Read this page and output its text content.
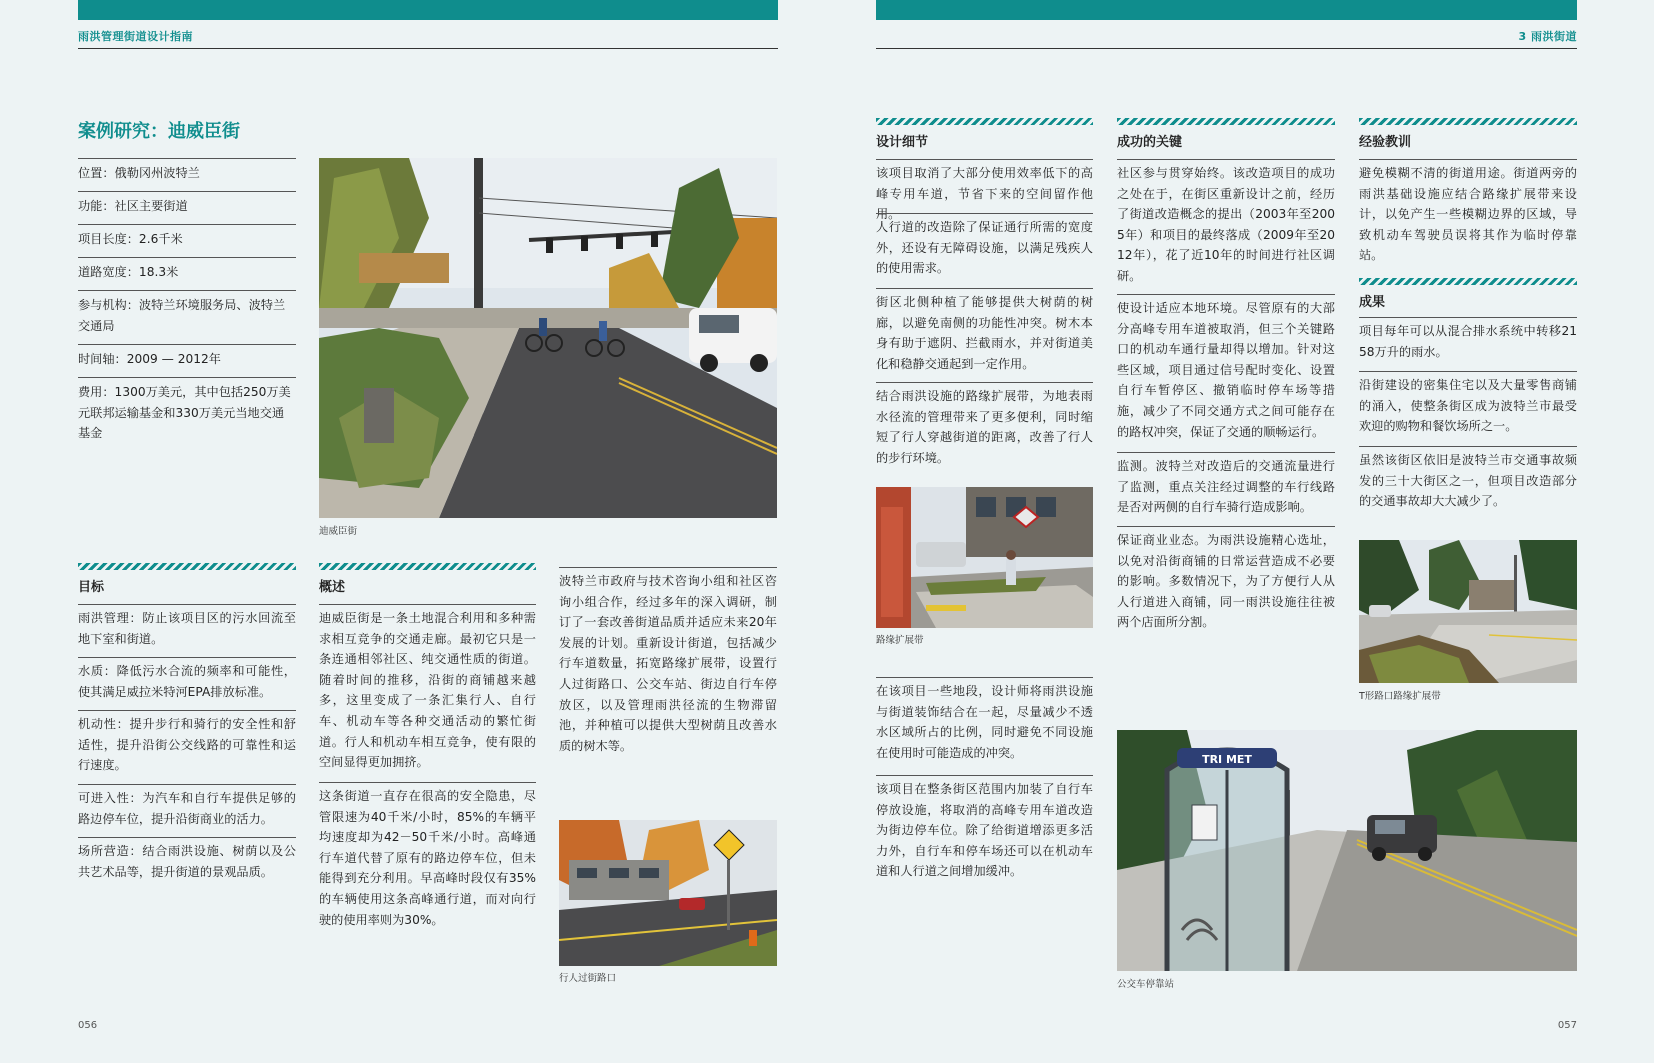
雨洪管理街道设计指南	3 雨洪街道
案例研究：迪威臣街
位置：俄勒冈州波特兰
功能：社区主要街道
项目长度：2.6千米
道路宽度：18.3米
参与机构：波特兰环境服务局、波特兰交通局
时间轴：2009 — 2012年
费用：1300万美元，其中包括250万美元联邦运输基金和330万美元当地交通基金
迪威臣街
目标

雨洪管理：防止该项目区的污水回流至地下室和街道。

水质：降低污水合流的频率和可能性，使其满足威拉米特河EPA排放标准。

机动性：提升步行和骑行的安全性和舒适性，提升沿街公交线路的可靠性和运行速度。

可进入性：为汽车和自行车提供足够的路边停车位，提升沿街商业的活力。

场所营造：结合雨洪设施、树荫以及公共艺术品等，提升街道的景观品质。

概述

迪威臣街是一条土地混合利用和多种需求相互竞争的交通走廊。最初它只是一条连通相邻社区、纯交通性质的街道。随着时间的推移，沿街的商铺越来越多，这里变成了一条汇集行人、自行车、机动车等各种交通活动的繁忙街道。行人和机动车相互竞争，使有限的空间显得更加拥挤。

这条街道一直存在很高的安全隐患，尽管限速为40千米/小时，85%的车辆平均速度却为42－50千米/小时。高峰通行车道代替了原有的路边停车位，但未能得到充分利用。早高峰时段仅有35%的车辆使用这条高峰通行道，而对向行驶的使用率则为30%。

波特兰市政府与技术咨询小组和社区咨询小组合作，经过多年的深入调研，制订了一套改善街道品质并适应未来20年发展的计划。重新设计街道，包括减少行车道数量，拓宽路缘扩展带，设置行人过街路口、公交车站、街边自行车停放区，以及管理雨洪径流的生物滞留池，并种植可以提供大型树荫且改善水质的树木等。

行人过街路口
设计细节

该项目取消了大部分使用效率低下的高峰专用车道，节省下来的空间留作他用。

人行道的改造除了保证通行所需的宽度外，还设有无障碍设施，以满足残疾人的使用需求。

街区北侧种植了能够提供大树荫的树廊，以避免南侧的功能性冲突。树木本身有助于遮阴、拦截雨水，并对街道美化和稳静交通起到一定作用。

结合雨洪设施的路缘扩展带，为地表雨水径流的管理带来了更多便利，同时缩短了行人穿越街道的距离，改善了行人的步行环境。

路缘扩展带

在该项目一些地段，设计师将雨洪设施与街道装饰结合在一起，尽量减少不透水区域所占的比例，同时避免不同设施在使用时可能造成的冲突。

该项目在整条街区范围内加装了自行车停放设施，将取消的高峰专用车道改造为街边停车位。除了给街道增添更多活力外，自行车和停车场还可以在机动车道和人行道之间增加缓冲。

成功的关键

社区参与贯穿始终。该改造项目的成功之处在于，在街区重新设计之前，经历了街道改造概念的提出（2003年至2005年）和项目的最终落成（2009年至2012年），花了近10年的时间进行社区调研。

使设计适应本地环境。尽管原有的大部分高峰专用车道被取消，但三个关键路口的机动车通行量却得以增加。针对这些区域，项目通过信号配时变化、设置自行车暂停区、撤销临时停车场等措施，减少了不同交通方式之间可能存在的路权冲突，保证了交通的顺畅运行。

监测。波特兰对改造后的交通流量进行了监测，重点关注经过调整的车行线路是否对两侧的自行车骑行造成影响。

保证商业业态。为雨洪设施精心选址，以免对沿街商铺的日常运营造成不必要的影响。多数情况下，为了方便行人从人行道进入商铺，同一雨洪设施往往被两个店面所分割。

经验教训

避免模糊不清的街道用途。街道两旁的雨洪基础设施应结合路缘扩展带来设计，以免产生一些模糊边界的区域，导致机动车驾驶员误将其作为临时停靠站。

成果

项目每年可以从混合排水系统中转移2158万升的雨水。

沿街建设的密集住宅以及大量零售商铺的涌入，使整条街区成为波特兰市最受欢迎的购物和餐饮场所之一。

虽然该街区依旧是波特兰市交通事故频发的三十大街区之一，但项目改造部分的交通事故却大大减少了。

T形路口路缘扩展带
TRI MET
公交车停靠站
056	057
